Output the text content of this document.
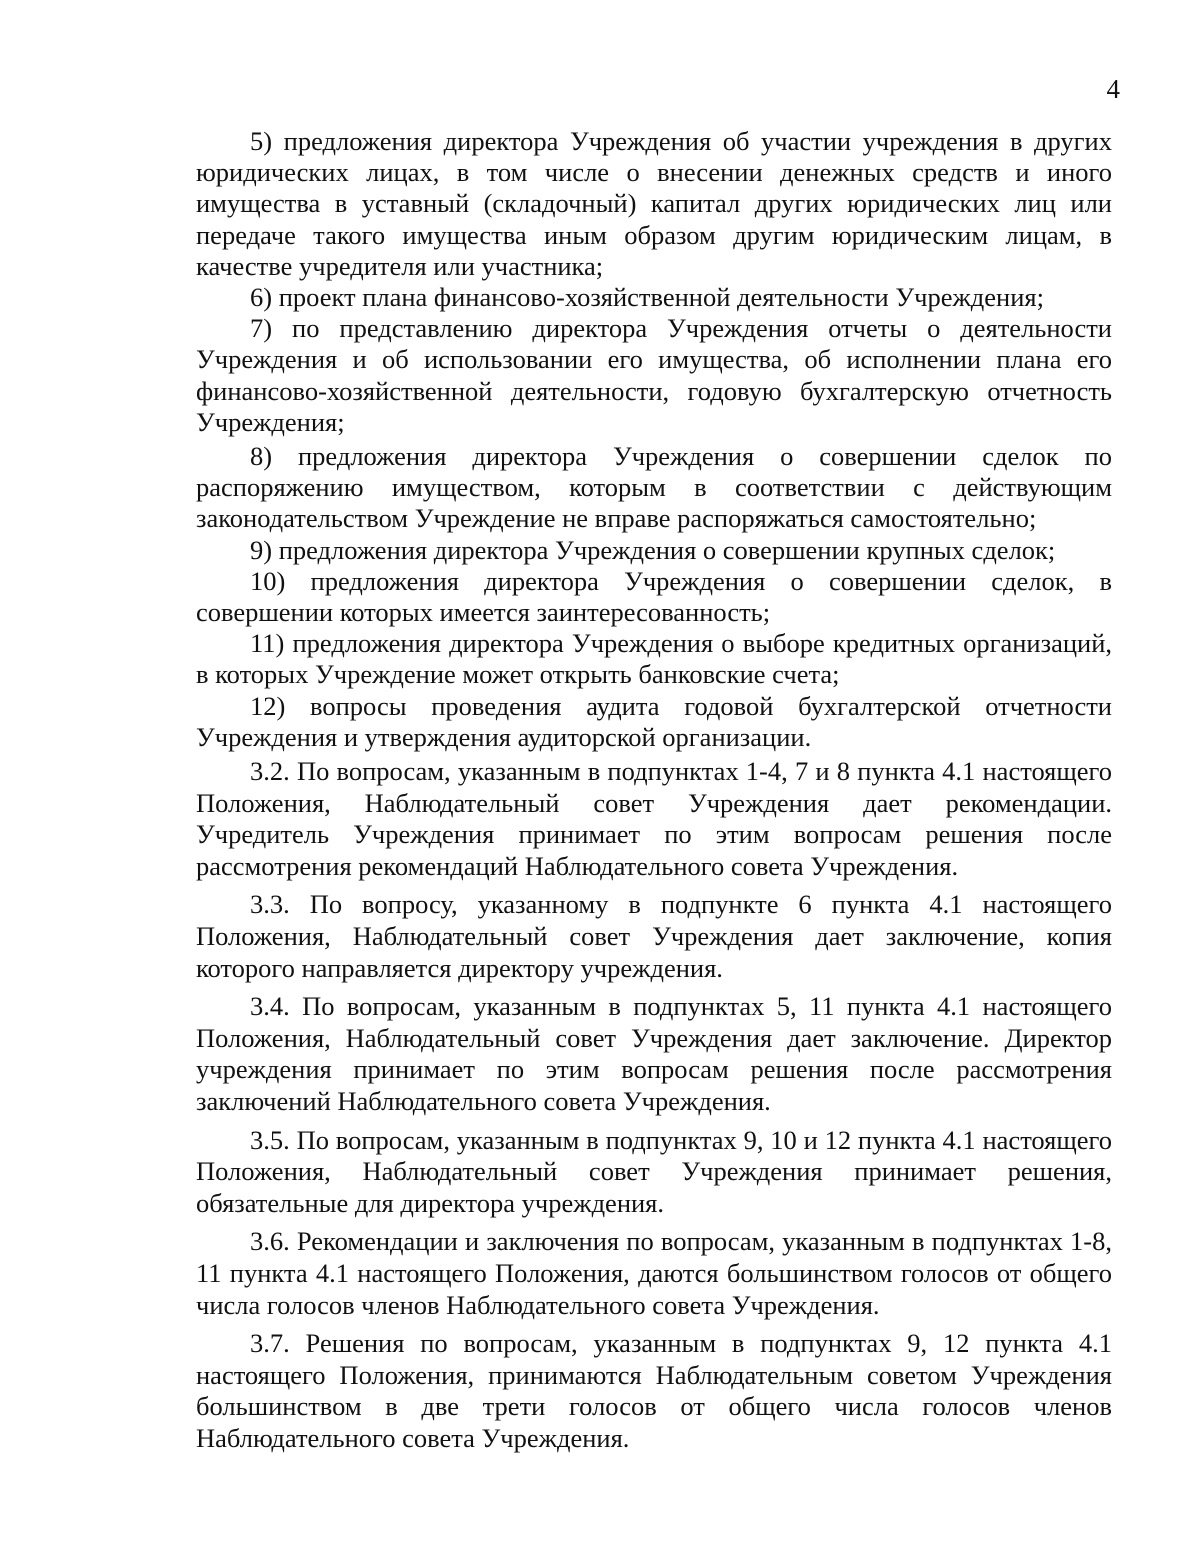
4

5) предложения директора Учреждения об участии учреждения в других юридических лицах, в том числе о внесении денежных средств и иного имущества в уставный (складочный) капитал других юридических лиц или передаче такого имущества иным образом другим юридическим лицам, в качестве учредителя или участника;

6) проект плана финансово-хозяйственной деятельности Учреждения;

7) по представлению директора Учреждения отчеты о деятельности Учреждения и об использовании его имущества, об исполнении плана его финансово-хозяйственной деятельности, годовую бухгалтерскую отчетность Учреждения;

8) предложения директора Учреждения о совершении сделок по распоряжению имуществом, которым в соответствии с действующим законодательством Учреждение не вправе распоряжаться самостоятельно;

9) предложения директора Учреждения о совершении крупных сделок;

10) предложения директора Учреждения о совершении сделок, в совершении которых имеется заинтересованность;

11) предложения директора Учреждения о выборе кредитных организаций, в которых Учреждение может открыть банковские счета;

12) вопросы проведения аудита годовой бухгалтерской отчетности Учреждения и утверждения аудиторской организации.

3.2. По вопросам, указанным в подпунктах 1-4, 7 и 8 пункта 4.1 настоящего Положения, Наблюдательный совет Учреждения дает рекомендации. Учредитель Учреждения принимает по этим вопросам решения после рассмотрения рекомендаций Наблюдательного совета Учреждения.

3.3. По вопросу, указанному в подпункте 6 пункта 4.1 настоящего Положения, Наблюдательный совет Учреждения дает заключение, копия которого направляется директору учреждения.

3.4. По вопросам, указанным в подпунктах 5, 11 пункта 4.1 настоящего Положения, Наблюдательный совет Учреждения дает заключение. Директор учреждения принимает по этим вопросам решения после рассмотрения заключений Наблюдательного совета Учреждения.

3.5. По вопросам, указанным в подпунктах 9, 10 и 12 пункта 4.1 настоящего Положения, Наблюдательный совет Учреждения принимает решения, обязательные для директора учреждения.

3.6. Рекомендации и заключения по вопросам, указанным в подпунктах 1-8, 11 пункта 4.1 настоящего Положения, даются большинством голосов от общего числа голосов членов Наблюдательного совета Учреждения.

3.7. Решения по вопросам, указанным в подпунктах 9, 12 пункта 4.1 настоящего Положения, принимаются Наблюдательным советом Учреждения большинством в две трети голосов от общего числа голосов членов Наблюдательного совета Учреждения.
